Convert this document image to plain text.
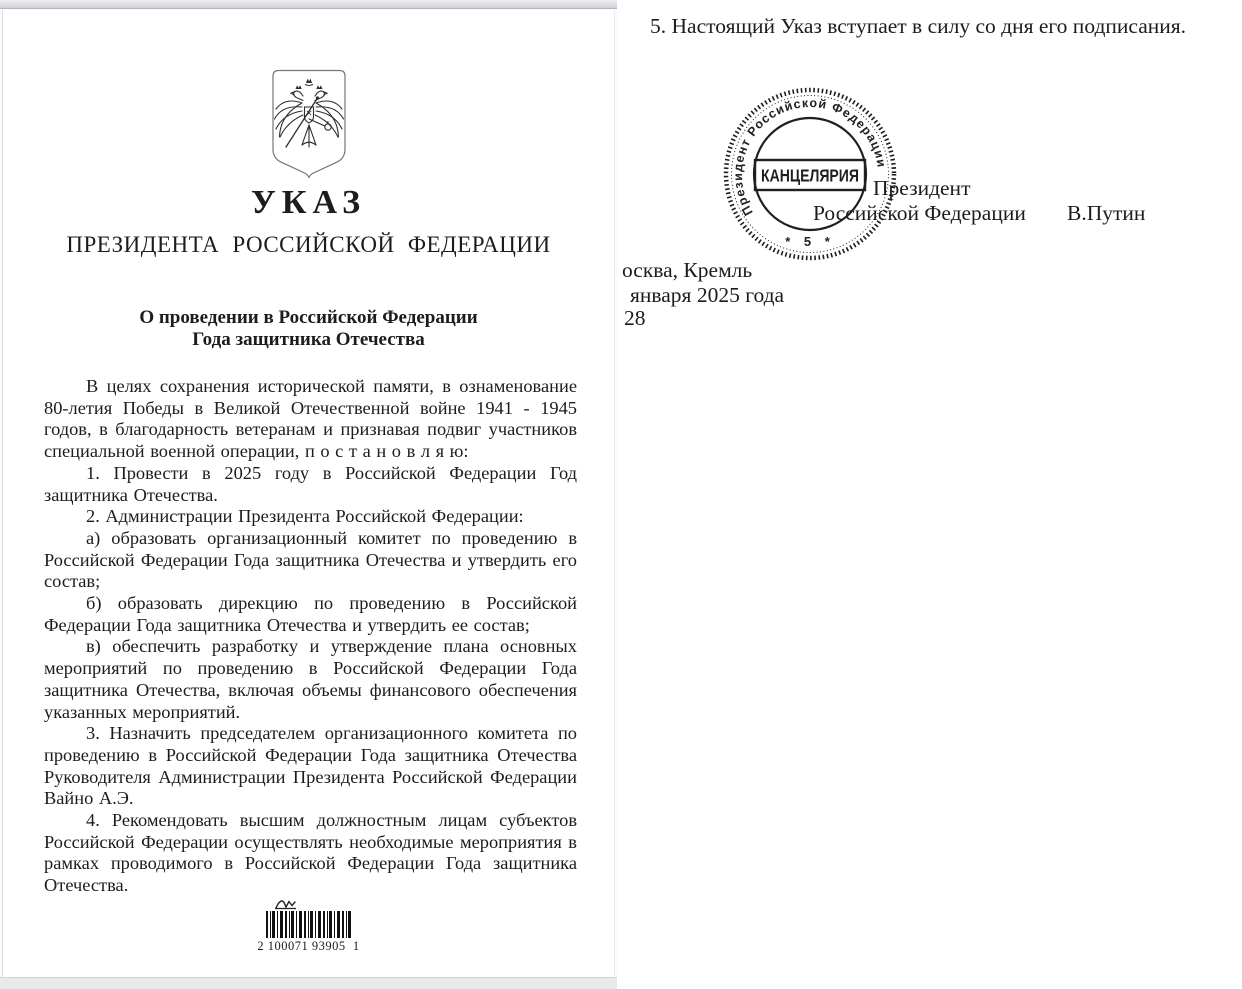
УКАЗ
ПРЕЗИДЕНТА РОССИЙСКОЙ ФЕДЕРАЦИИ
О проведении в Российской Федерации
Года защитника Отечества
В целях сохранения исторической памяти, в ознаменование 80-летия Победы в Великой Отечественной войне 1941 - 1945 годов, в благодарность ветеранам и признавая подвиг участников специальной военной операции, п о с т а н о в л я ю:
1. Провести в 2025 году в Российской Федерации Год защитника Отечества.
2. Администрации Президента Российской Федерации:
а) образовать организационный комитет по проведению в Российской Федерации Года защитника Отечества и утвердить его состав;
б) образовать дирекцию по проведению в Российской Федерации Года защитника Отечества и утвердить ее состав;
в) обеспечить разработку и утверждение плана основных мероприятий по проведению в Российской Федерации Года защитника Отечества, включая объемы финансового обеспечения указанных мероприятий.
3. Назначить председателем организационного комитета по проведению в Российской Федерации Года защитника Отечества Руководителя Администрации Президента Российской Федерации Вайно А.Э.
4. Рекомендовать высшим должностным лицам субъектов Российской Федерации осуществлять необходимые мероприятия в рамках проводимого в Российской Федерации Года защитника Отечества.
2 100071 93905  1
5. Настоящий Указ вступает в силу со дня его подписания.
Президент Российской Федерации
КАНЦЕЛЯРИЯ
* 5 *
Президент
Российской Федерации В.Путин
осква, Кремль
января 2025 года
28
